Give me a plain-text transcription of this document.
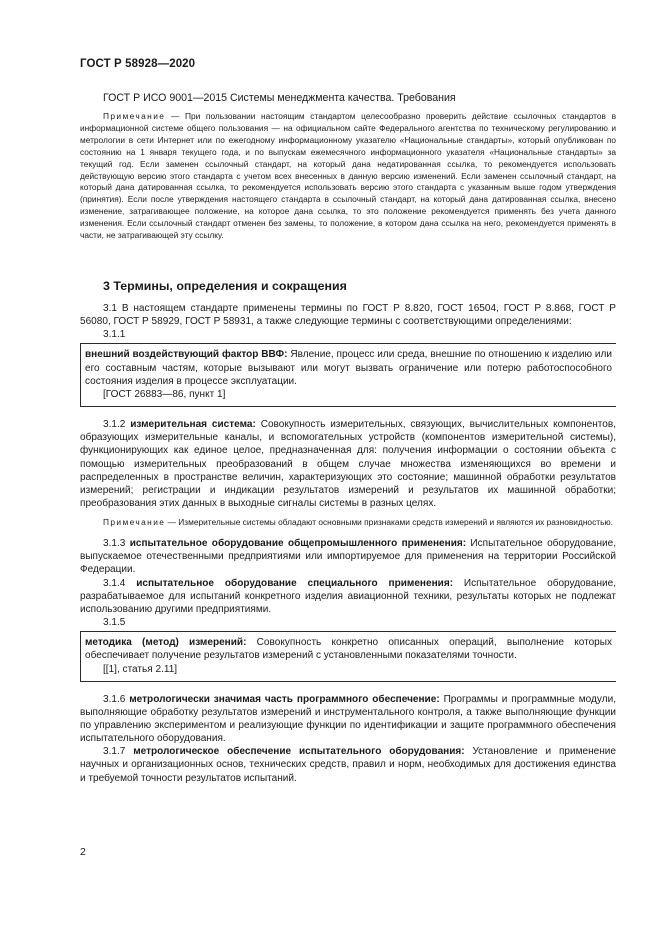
ГОСТ Р 58928—2020
ГОСТ Р ИСО 9001—2015 Системы менеджмента качества. Требования
Примечание — При пользовании настоящим стандартом целесообразно проверить действие ссылочных стандартов в информационной системе общего пользования — на официальном сайте Федерального агентства по техническому регулированию и метрологии в сети Интернет или по ежегодному информационному указателю «Национальные стандарты», который опубликован по состоянию на 1 января текущего года, и по выпускам ежемесячного информационного указателя «Национальные стандарты» за текущий год. Если заменен ссылочный стандарт, на который дана недатированная ссылка, то рекомендуется использовать действующую версию этого стандарта с учетом всех внесенных в данную версию изменений. Если заменен ссылочный стандарт, на который дана датированная ссылка, то рекомендуется использовать версию этого стандарта с указанным выше годом утверждения (принятия). Если после утверждения настоящего стандарта в ссылочный стандарт, на который дана датированная ссылка, внесено изменение, затрагивающее положение, на которое дана ссылка, то это положение рекомендуется применять без учета данного изменения. Если ссылочный стандарт отменен без замены, то положение, в котором дана ссылка на него, рекомендуется применять в части, не затрагивающей эту ссылку.
3 Термины, определения и сокращения

3.1 В настоящем стандарте применены термины по ГОСТ Р 8.820, ГОСТ 16504, ГОСТ Р 8.868, ГОСТ Р 56080, ГОСТ Р 58929, ГОСТ Р 58931, а также следующие термины с соответствующими определениями:

3.1.1

внешний воздействующий фактор ВВФ: Явление, процесс или среда, внешние по отношению к изделию или его составным частям, которые вызывают или могут вызвать ограничение или потерю работоспособного состояния изделия в процессе эксплуатации.

[ГОСТ 26883—86, пункт 1]

3.1.2 измерительная система: Совокупность измерительных, связующих, вычислительных компонентов, образующих измерительные каналы, и вспомогательных устройств (компонентов измерительной системы), функционирующих как единое целое, предназначенная для: получения информации о состоянии объекта с помощью измерительных преобразований в общем случае множества изменяющихся во времени и распределенных в пространстве величин, характеризующих это состояние; машинной обработки результатов измерений; регистрации и индикации результатов измерений и результатов их машинной обработки; преобразования этих данных в выходные сигналы системы в разных целях.

Примечание — Измерительные системы обладают основными признаками средств измерений и являются их разновидностью.

3.1.3 испытательное оборудование общепромышленного применения: Испытательное оборудование, выпускаемое отечественными предприятиями или импортируемое для применения на территории Российской Федерации.

3.1.4 испытательное оборудование специального применения: Испытательное оборудование, разрабатываемое для испытаний конкретного изделия авиационной техники, результаты которых не подлежат использованию другими предприятиями.

3.1.5

методика (метод) измерений: Совокупность конкретно описанных операций, выполнение которых обеспечивает получение результатов измерений с установленными показателями точности.

[[1], статья 2.11]

3.1.6 метрологически значимая часть программного обеспечение: Программы и программные модули, выполняющие обработку результатов измерений и инструментального контроля, а также выполняющие функции по управлению экспериментом и реализующие функции по идентификации и защите программного обеспечения испытательного оборудования.

3.1.7 метрологическое обеспечение испытательного оборудования: Установление и применение научных и организационных основ, технических средств, правил и норм, необходимых для достижения единства и требуемой точности результатов испытаний.

2
